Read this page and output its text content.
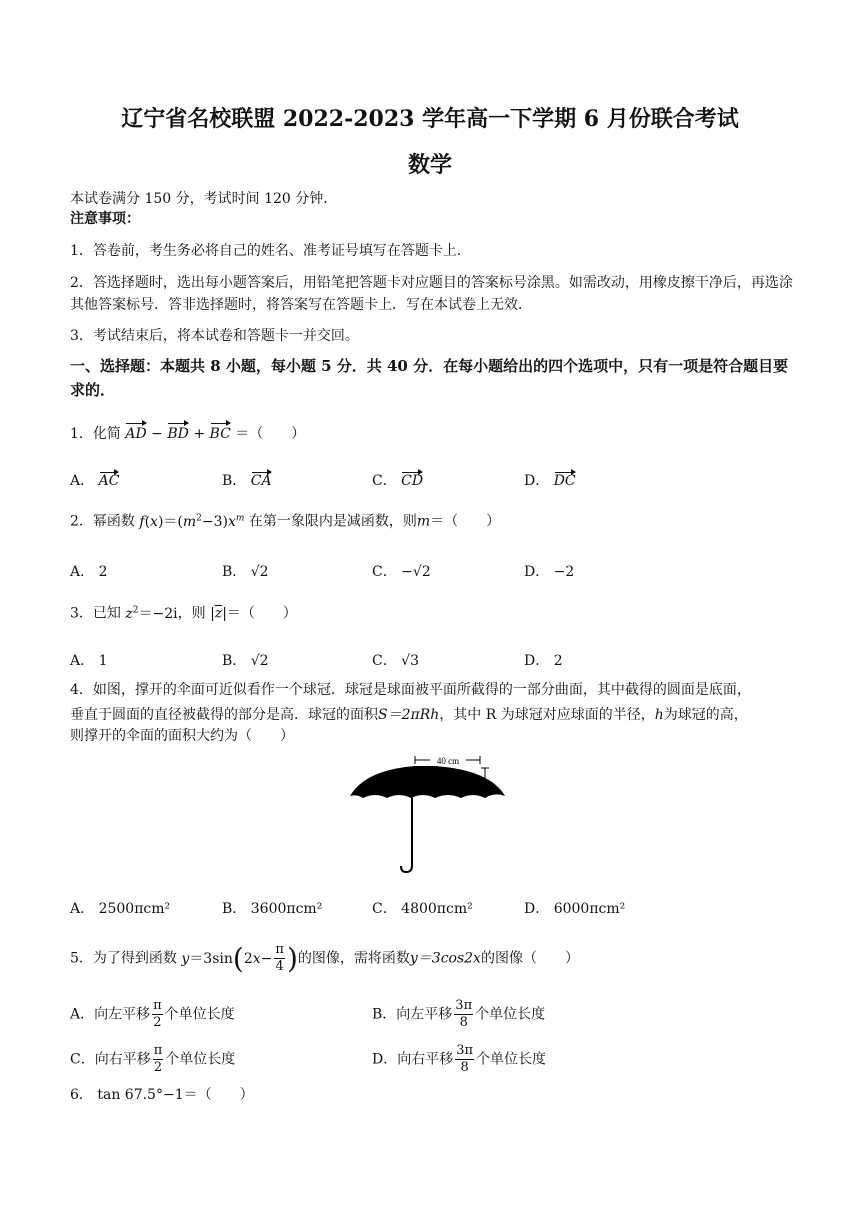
辽宁省名校联盟 2022-2023 学年高一下学期 6 月份联合考试
数学
本试卷满分 150 分，考试时间 120 分钟．
注意事项：
1．答卷前，考生务必将自己的姓名、准考证号填写在答题卡上．
2．答选择题时，选出每小题答案后，用铅笔把答题卡对应题目的答案标号涂黑。如需改动，用橡皮擦干净后，再选涂其他答案标号．答非选择题时，将答案写在答题卡上．写在本试卷上无效．
3．考试结束后，将本试卷和答题卡一并交回。
一、选择题：本题共 8 小题，每小题 5 分．共 40 分．在每小题给出的四个选项中，只有一项是符合题目要求的．
1．化简 AD − BD + BC ＝（　　）
A． AC	B． CA	C． CD	D． DC
2．幂函数 $f(x)=(m^2-3)x^m$ 在第一象限内是减函数，则m＝（　　）
A． 2	B． √2	C． −√2	D． −2
3．已知 $z^2=-2i$，则 $|\overline{z}|=$（　　）
A． 1	B． √2	C． √3	D． 2
4．如图，撑开的伞面可近似看作一个球冠．球冠是球面被平面所截得的一部分曲面，其中截得的圆面是底面，
垂直于圆面的直径被截得的部分是高．球冠的面积S＝2πRh，其中 R 为球冠对应球面的半径，h为球冠的高，
则撑开的伞面的面积大约为（　　）
40 cm
30 cm
A． 2500πcm²	B． 3600πcm²	C． 4800πcm²	D． 6000πcm²
5．为了得到函数 $y=3\sin(2x- \frac{\pi}{4}$ )的图像，需将函数y＝3cos2x的图像（　　）
A．向左平移 $\frac{\pi}{2}$ 个单位长度	B．向左平移 $\frac{3\pi}{8}$ 个单位长度
C．向右平移 $\frac{\pi}{2}$ 个单位长度	D．向右平移 $\frac{3\pi}{8}$ 个单位长度
6． tan 67.5°−1＝（　　）
